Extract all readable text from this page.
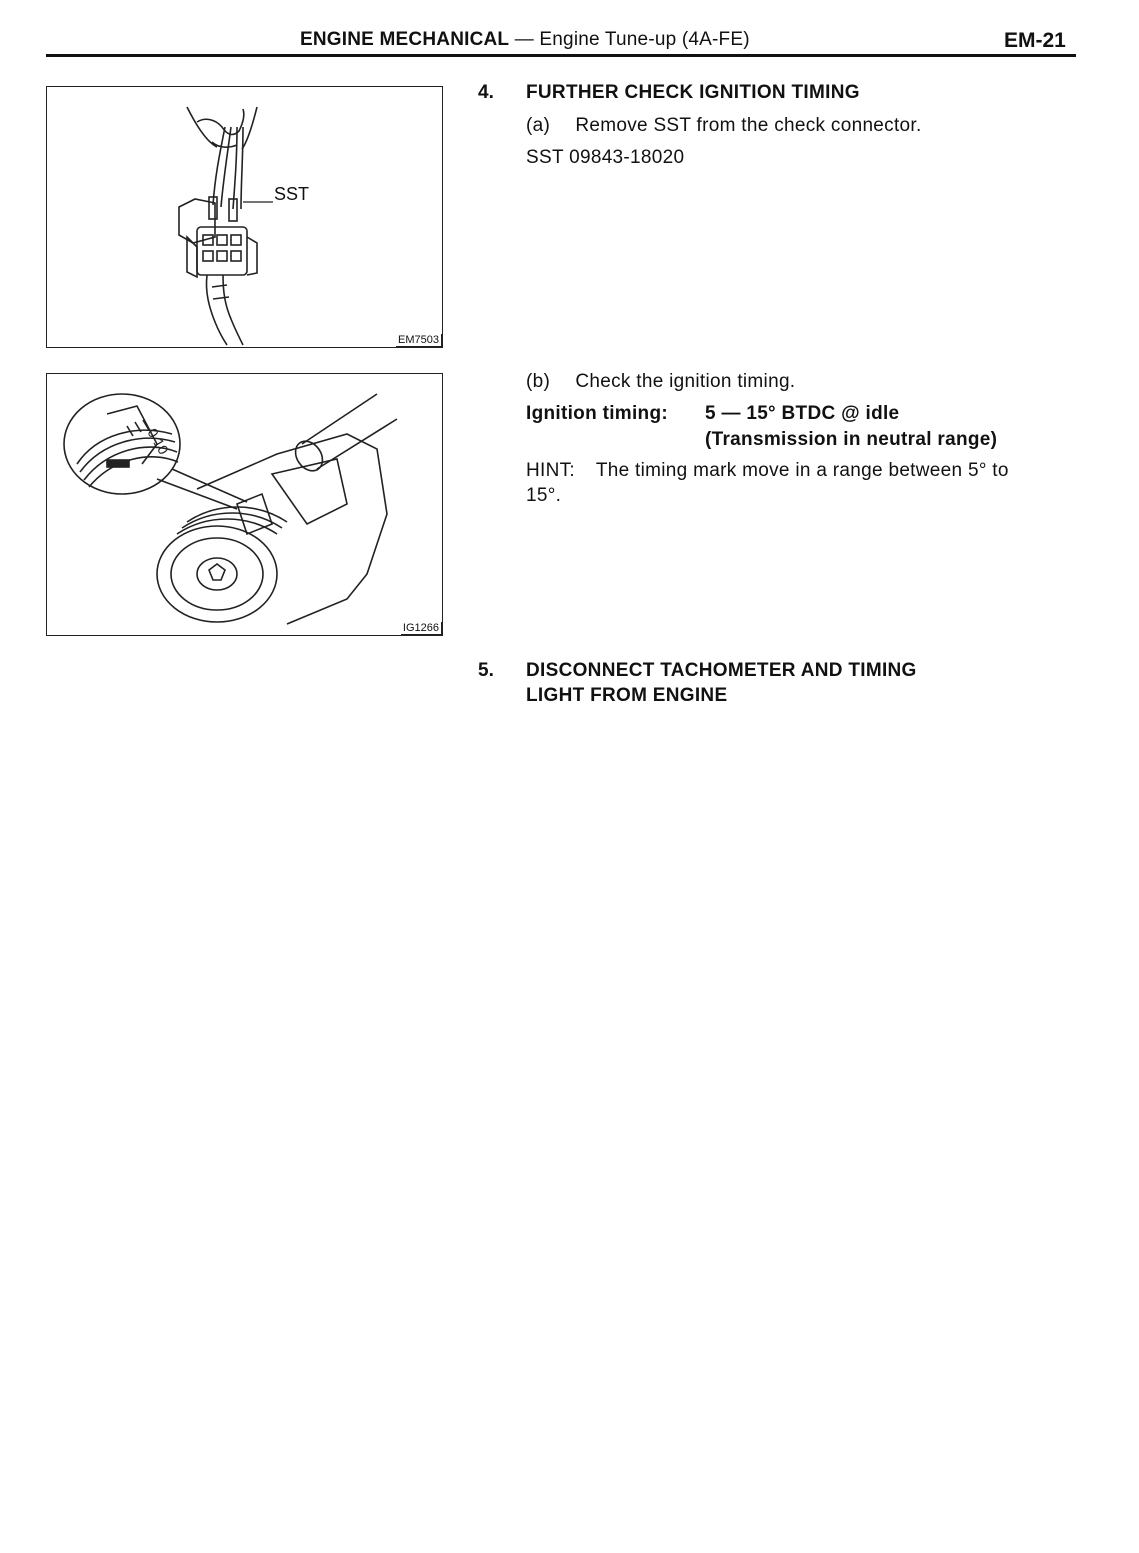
ENGINE MECHANICAL — Engine Tune-up (4A-FE)	EM-21
SST
EM7503
0 10
IG1266
4. FURTHER CHECK IGNITION TIMING
(a) Remove SST from the check connector.
SST 09843-18020
(b) Check the ignition timing.
Ignition timing: 5 — 15° BTDC @ idle
(Transmission in neutral range)
HINT: The timing mark move in a range between 5° to
15°.
5. DISCONNECT TACHOMETER AND TIMING
LIGHT FROM ENGINE
